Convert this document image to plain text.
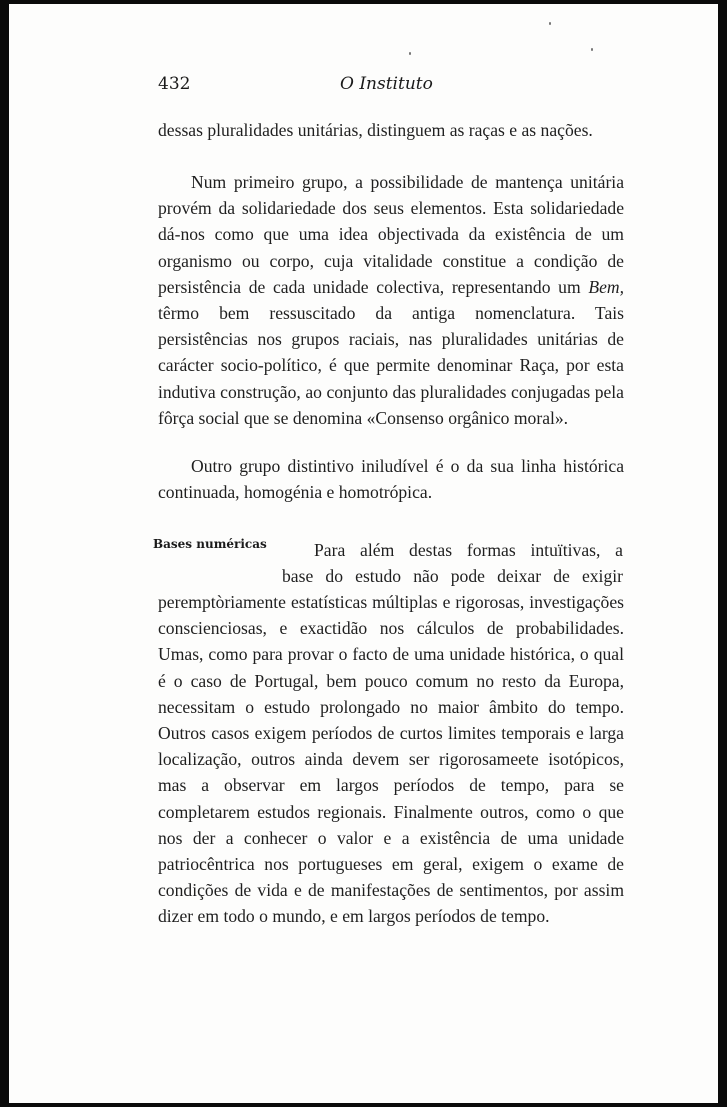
432	O Instituto

dessas pluralidades unitárias, distinguem as raças e as nações.

Num primeiro grupo, a possibilidade de mantença unitária provém da solidariedade dos seus elementos. Esta solidariedade dá-nos como que uma idea objectivada da existência de um organismo ou corpo, cuja vitalidade constitue a condição de persistência de cada unidade colectiva, representando um Bem, têrmo bem ressuscitado da antiga nomenclatura. Tais persistências nos grupos raciais, nas pluralidades unitárias de carácter socio-político, é que permite denominar Raça, por esta indutiva construção, ao conjunto das pluralidades conjugadas pela fôrça social que se denomina «Consenso orgânico moral».

Outro grupo distintivo iniludível é o da sua linha histórica continuada, homogénia e homotrópica.

Bases numéricas	Para além destas formas intuïtivas, a
base do estudo não pode deixar de exigir

peremptòriamente estatísticas múltiplas e rigorosas, investigações conscienciosas, e exactidão nos cálculos de probabilidades. Umas, como para provar o facto de uma unidade histórica, o qual é o caso de Portugal, bem pouco comum no resto da Europa, necessitam o estudo prolongado no maior âmbito do tempo. Outros casos exigem períodos de curtos limites temporais e larga localização, outros ainda devem ser rigorosameete isotópicos, mas a observar em largos períodos de tempo, para se completarem estudos regionais. Finalmente outros, como o que nos der a conhecer o valor e a existência de uma unidade patriocêntrica nos portugueses em geral, exigem o exame de condições de vida e de manifestações de sentimentos, por assim dizer em todo o mundo, e em largos períodos de tempo.
